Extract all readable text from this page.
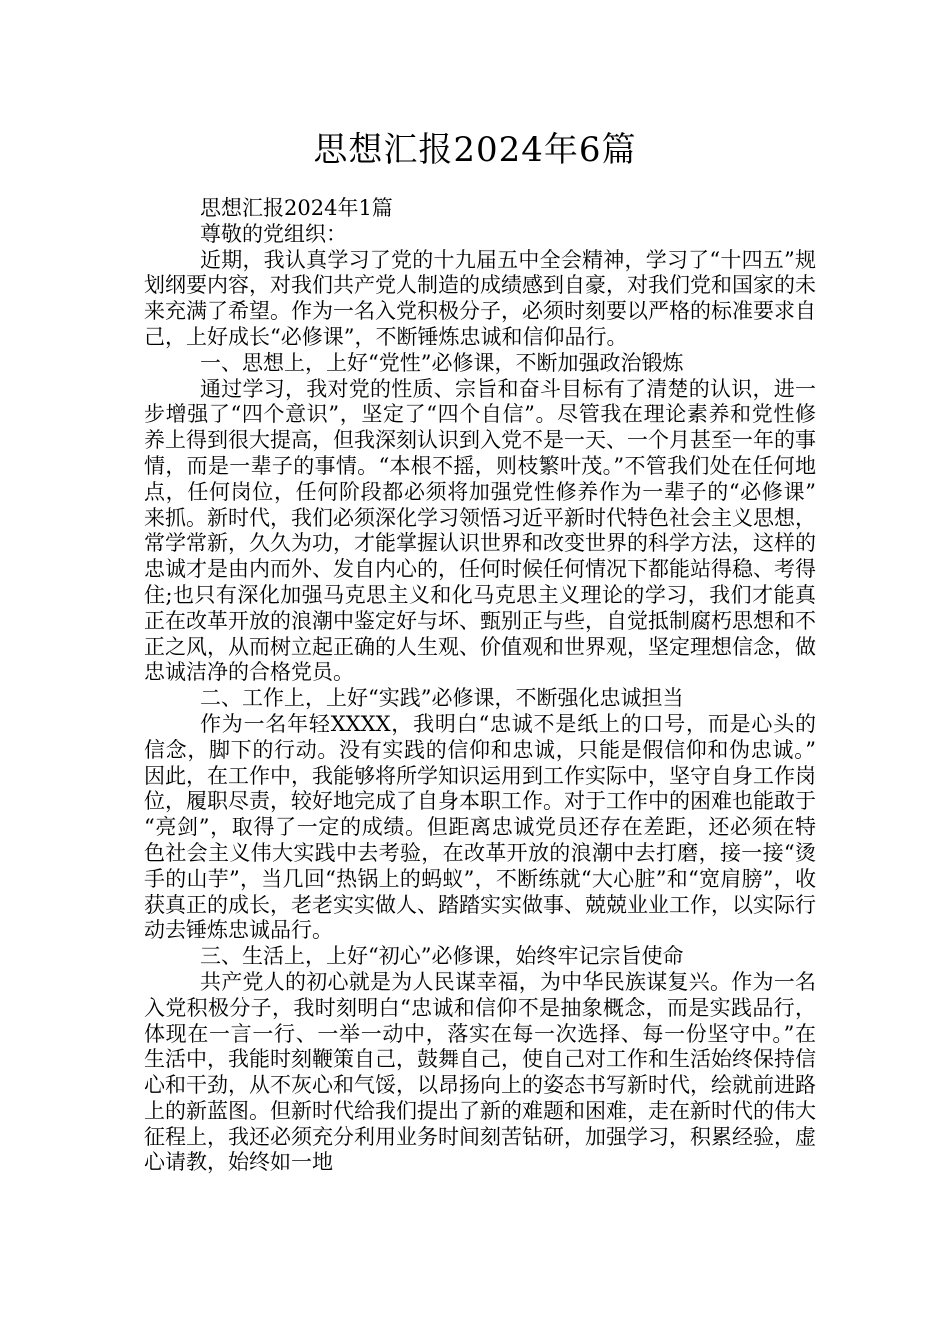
思想汇报2024年6篇

思想汇报2024年1篇

尊敬的党组织：

近期，我认真学习了党的十九届五中全会精神，学习了“十四五”规划纲要内容，对我们共产党人制造的成绩感到自豪，对我们党和国家的未来充满了希望。作为一名入党积极分子，必须时刻要以严格的标准要求自己，上好成长“必修课”，不断锤炼忠诚和信仰品行。

一、思想上，上好“党性”必修课，不断加强政治锻炼

通过学习，我对党的性质、宗旨和奋斗目标有了清楚的认识，进一步增强了“四个意识”，坚定了“四个自信”。尽管我在理论素养和党性修养上得到很大提高，但我深刻认识到入党不是一天、一个月甚至一年的事情，而是一辈子的事情。“本根不摇，则枝繁叶茂。”不管我们处在任何地点，任何岗位，任何阶段都必须将加强党性修养作为一辈子的“必修课”来抓。新时代，我们必须深化学习领悟习近平新时代特色社会主义思想，常学常新，久久为功，才能掌握认识世界和改变世界的科学方法，这样的忠诚才是由内而外、发自内心的，任何时候任何情况下都能站得稳、考得住;也只有深化加强马克思主义和化马克思主义理论的学习，我们才能真正在改革开放的浪潮中鉴定好与坏、甄别正与些，自觉抵制腐朽思想和不正之风，从而树立起正确的人生观、价值观和世界观，坚定理想信念，做忠诚洁净的合格党员。

二、工作上，上好“实践”必修课，不断强化忠诚担当

作为一名年轻XXXX，我明白“忠诚不是纸上的口号，而是心头的信念，脚下的行动。没有实践的信仰和忠诚，只能是假信仰和伪忠诚。”因此，在工作中，我能够将所学知识运用到工作实际中，坚守自身工作岗位，履职尽责，较好地完成了自身本职工作。对于工作中的困难也能敢于“亮剑”，取得了一定的成绩。但距离忠诚党员还存在差距，还必须在特色社会主义伟大实践中去考验，在改革开放的浪潮中去打磨，接一接“烫手的山芋”，当几回“热锅上的蚂蚁”，不断练就“大心脏”和“宽肩膀”，收获真正的成长，老老实实做人、踏踏实实做事、兢兢业业工作，以实际行动去锤炼忠诚品行。

三、生活上，上好“初心”必修课，始终牢记宗旨使命

共产党人的初心就是为人民谋幸福，为中华民族谋复兴。作为一名入党积极分子，我时刻明白“忠诚和信仰不是抽象概念，而是实践品行，体现在一言一行、一举一动中，落实在每一次选择、每一份坚守中。”在生活中，我能时刻鞭策自己，鼓舞自己，使自己对工作和生活始终保持信心和干劲，从不灰心和气馁，以昂扬向上的姿态书写新时代，绘就前进路上的新蓝图。但新时代给我们提出了新的难题和困难，走在新时代的伟大征程上，我还必须充分利用业务时间刻苦钻研，加强学习，积累经验，虚心请教，始终如一地
